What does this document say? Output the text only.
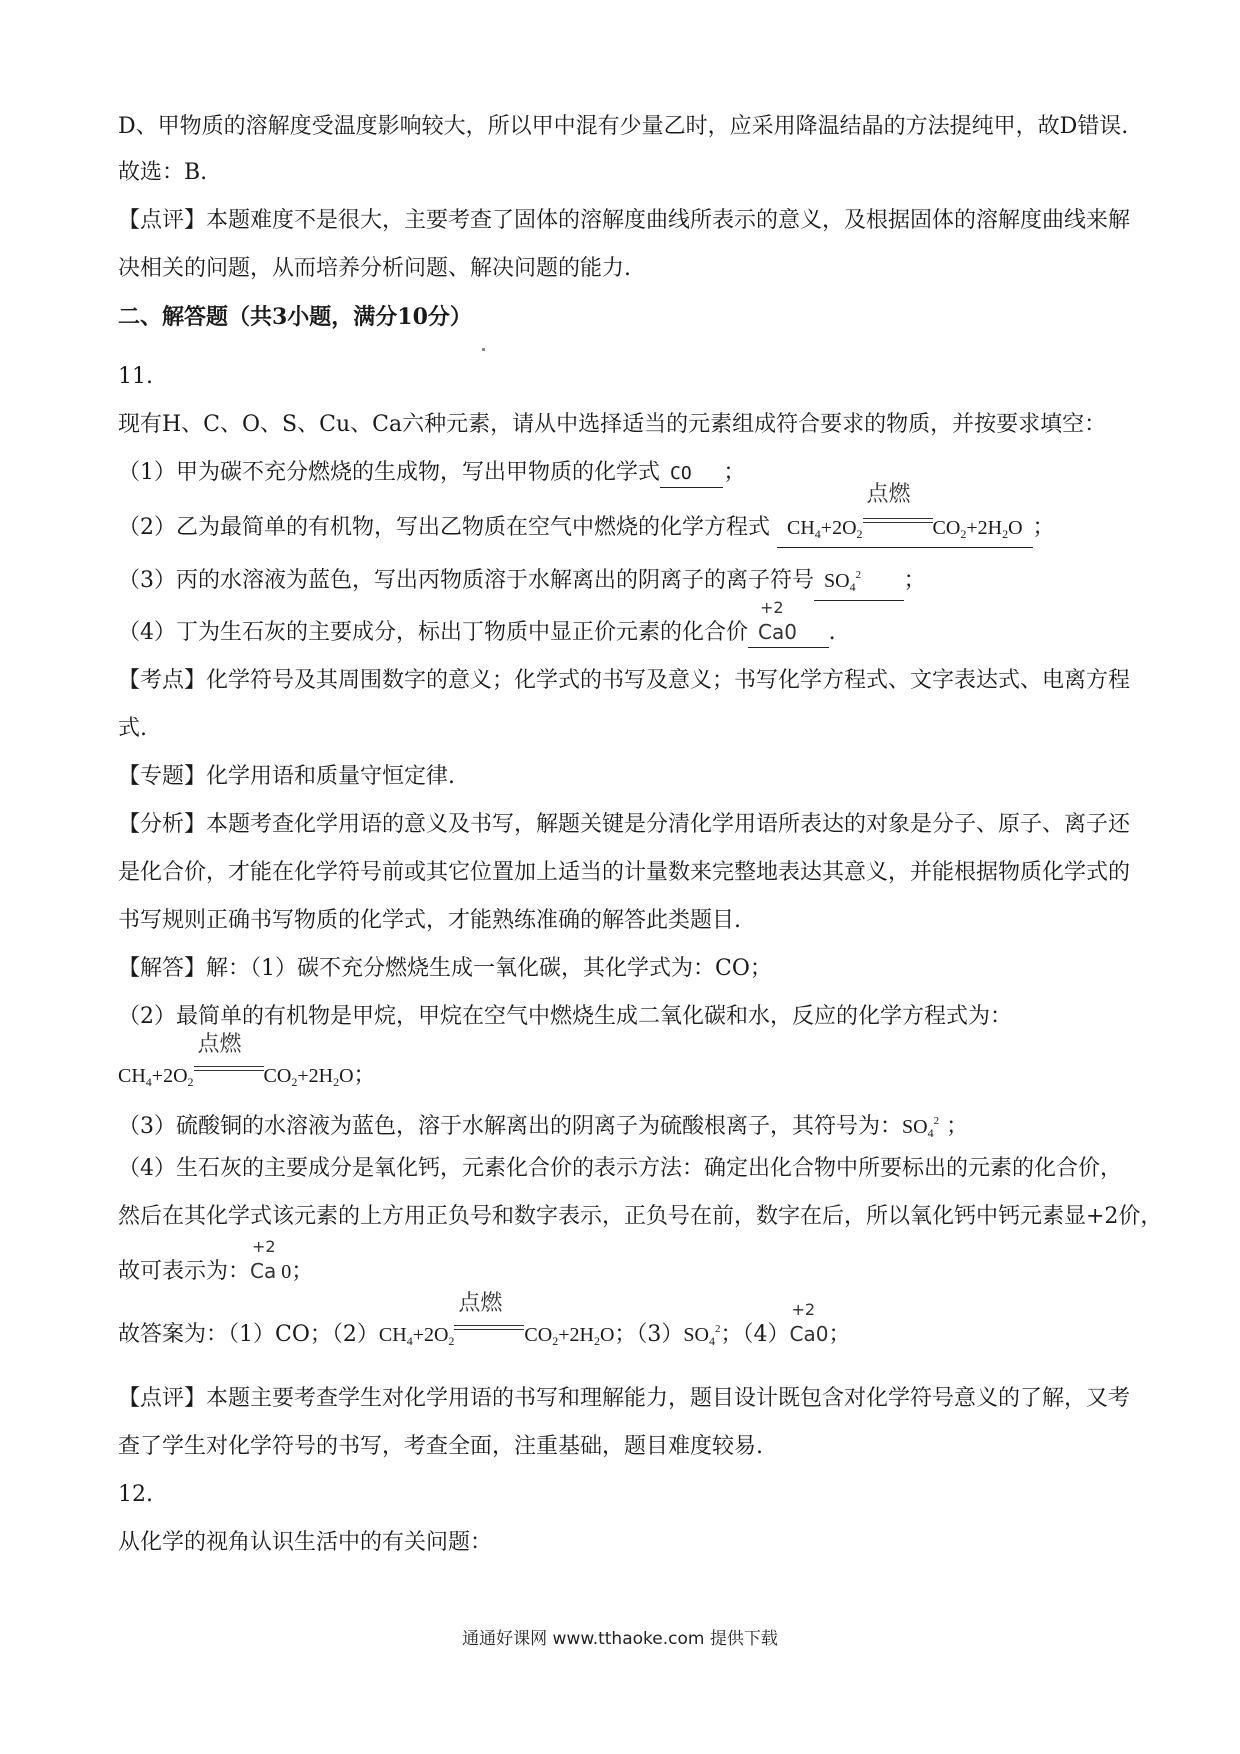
D、甲物质的溶解度受温度影响较大，所以甲中混有少量乙时，应采用降温结晶的方法提纯甲，故D错误.
故选：B.
【点评】本题难度不是很大，主要考查了固体的溶解度曲线所表示的意义，及根据固体的溶解度曲线来解
决相关的问题，从而培养分析问题、解决问题的能力.
二、解答题（共3小题，满分10分）
11.
现有H、C、O、S、Cu、Ca六种元素，请从中选择适当的元素组成符合要求的物质，并按要求填空：
（1）甲为碳不充分燃烧的生成物，写出甲物质的化学式 CO ；
（2）乙为最简单的有机物，写出乙物质在空气中燃烧的化学方程式 $CH_4+2O_2$
点燃
$CO_2+2H_2O$ ；
（3）丙的水溶液为蓝色，写出丙物质溶于水解离出的阴离子的离子符号 $SO_4^2$ ；
（4）丁为生石灰的主要成分，标出丁物质中显正价元素的化合价
+2
Ca0 .
【考点】化学符号及其周围数字的意义；化学式的书写及意义；书写化学方程式、文字表达式、电离方程
式.
【专题】化学用语和质量守恒定律.
【分析】本题考查化学用语的意义及书写，解题关键是分清化学用语所表达的对象是分子、原子、离子还
是化合价，才能在化学符号前或其它位置加上适当的计量数来完整地表达其意义，并能根据物质化学式的
书写规则正确书写物质的化学式，才能熟练准确的解答此类题目.
【解答】解：（1）碳不充分燃烧生成一氧化碳，其化学式为：CO；
（2）最简单的有机物是甲烷，甲烷在空气中燃烧生成二氧化碳和水，反应的化学方程式为：
$CH_4+2O_2$
点燃
$CO_2+2H_2O$；
（3）硫酸铜的水溶液为蓝色，溶于水解离出的阴离子为硫酸根离子，其符号为：$SO_4^2$ ；
（4）生石灰的主要成分是氧化钙，元素化合价的表示方法：确定出化合物中所要标出的元素的化合价，
然后在其化学式该元素的上方用正负号和数字表示，正负号在前，数字在后，所以氧化钙中钙元素显+2价，
故可表示为：
+2
Ca 0；
故答案为：（1）CO；$(2)CH_4+2O_2$
点燃
$CO_2+2H_2O$；$(3)SO_4^2$；（4）
+2
Ca0；
【点评】本题主要考查学生对化学用语的书写和理解能力，题目设计既包含对化学符号意义的了解，又考
查了学生对化学符号的书写，考查全面，注重基础，题目难度较易.
12.
从化学的视角认识生活中的有关问题：
通通好课网 www.tthaoke.com 提供下载
